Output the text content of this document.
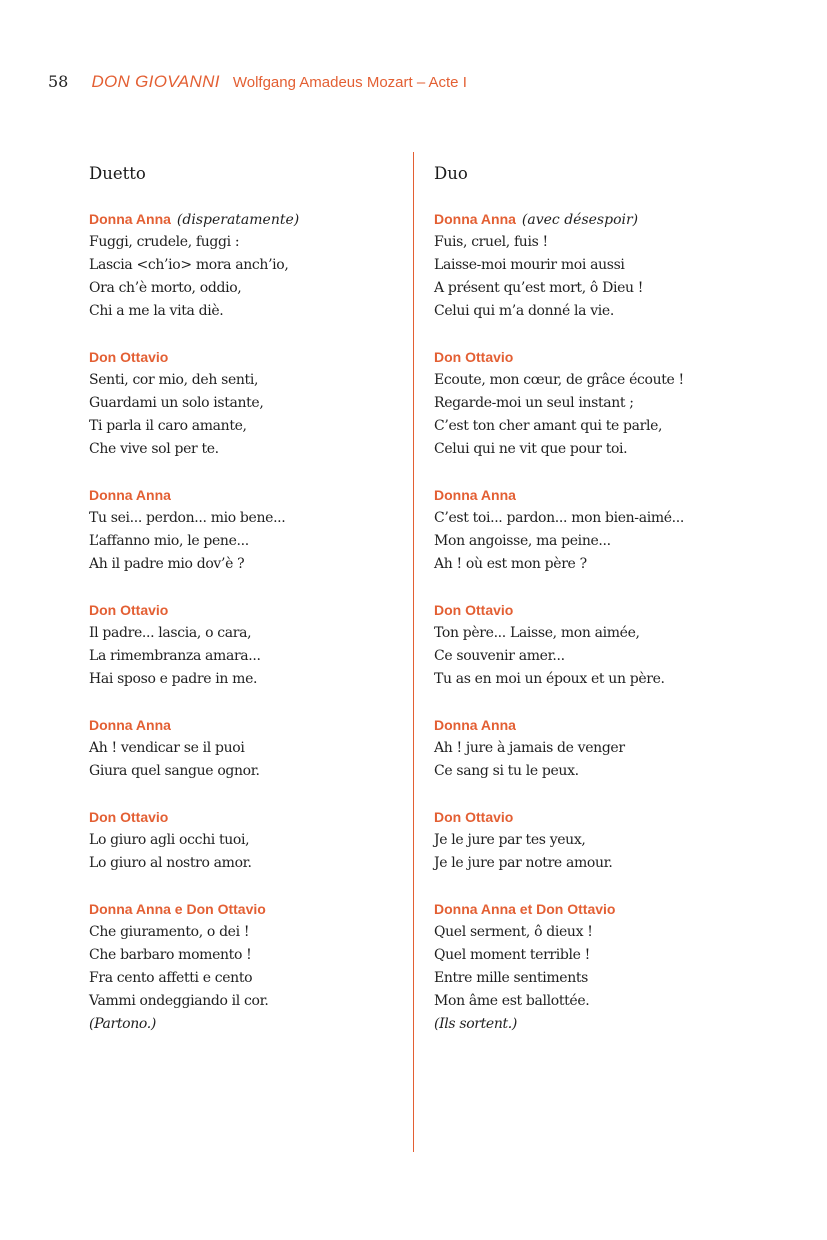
58 DON GIOVANNI Wolfgang Amadeus Mozart – Acte I
Duetto
Donna Anna (disperatamente)
Fuggi, crudele, fuggi :
Lascia <ch’io> mora anch’io,
Ora ch’è morto, oddio,
Chi a me la vita diè.
Don Ottavio
Senti, cor mio, deh senti,
Guardami un solo istante,
Ti parla il caro amante,
Che vive sol per te.
Donna Anna
Tu sei... perdon... mio bene...
L’affanno mio, le pene...
Ah il padre mio dov’è ?
Don Ottavio
Il padre... lascia, o cara,
La rimembranza amara...
Hai sposo e padre in me.
Donna Anna
Ah ! vendicar se il puoi
Giura quel sangue ognor.
Don Ottavio
Lo giuro agli occhi tuoi,
Lo giuro al nostro amor.
Donna Anna e Don Ottavio
Che giuramento, o dei !
Che barbaro momento !
Fra cento affetti e cento
Vammi ondeggiando il cor.
(Partono.)
Duo
Donna Anna (avec désespoir)
Fuis, cruel, fuis !
Laisse-moi mourir moi aussi
A présent qu’est mort, ô Dieu !
Celui qui m’a donné la vie.
Don Ottavio
Ecoute, mon cœur, de grâce écoute !
Regarde-moi un seul instant ;
C’est ton cher amant qui te parle,
Celui qui ne vit que pour toi.
Donna Anna
C’est toi... pardon... mon bien-aimé...
Mon angoisse, ma peine...
Ah ! où est mon père ?
Don Ottavio
Ton père... Laisse, mon aimée,
Ce souvenir amer...
Tu as en moi un époux et un père.
Donna Anna
Ah ! jure à jamais de venger
Ce sang si tu le peux.
Don Ottavio
Je le jure par tes yeux,
Je le jure par notre amour.
Donna Anna et Don Ottavio
Quel serment, ô dieux !
Quel moment terrible !
Entre mille sentiments
Mon âme est ballottée.
(Ils sortent.)
